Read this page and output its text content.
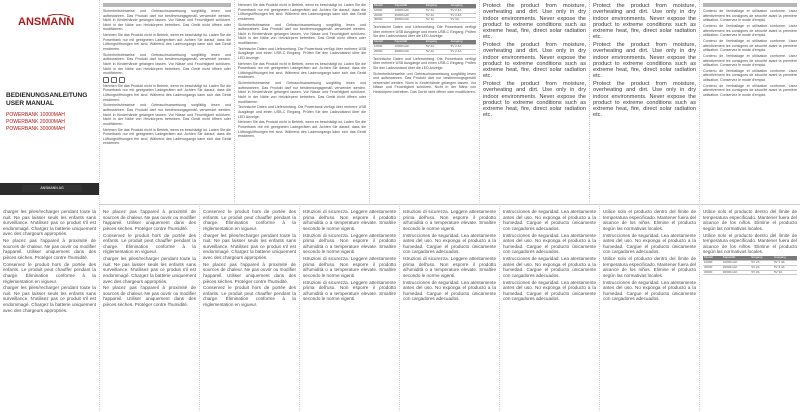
ANSMANN
BEDIENUNGSANLEITUNG
USER MANUAL
POWERBANK 10000MAH
POWERBANK 20000MAH
POWERBANK 30000MAH
ANSMANN AG

Sicherheitshinweise und Gebrauchsanweisung sorgfältig lesen und aufbewahren. Das Produkt darf nur bestimmungsgemäß verwendet werden. Nicht in Kinderhände gelangen lassen. Vor Nässe und Feuchtigkeit schützen. Nicht in der Nähe von Heizkörpern betreiben. Das Gerät nicht öffnen oder modifizieren.

Nehmen Sie das Produkt nicht in Betrieb, wenn es beschädigt ist. Laden Sie die Powerbank nur mit geeigneten Ladegeräten auf. Achten Sie darauf, dass die Lüftungsöffnungen frei sind. Während des Ladevorgangs kann sich das Gerät erwärmen.

Sicherheitshinweise und Gebrauchsanweisung sorgfältig lesen und aufbewahren. Das Produkt darf nur bestimmungsgemäß verwendet werden. Nicht in Kinderhände gelangen lassen. Vor Nässe und Feuchtigkeit schützen. Nicht in der Nähe von Heizkörpern betreiben. Das Gerät nicht öffnen oder modifizieren.

Nehmen Sie das Produkt nicht in Betrieb, wenn es beschädigt ist. Laden Sie die Powerbank nur mit geeigneten Ladegeräten auf. Achten Sie darauf, dass die Lüftungsöffnungen frei sind. Während des Ladevorgangs kann sich das Gerät erwärmen.

Sicherheitshinweise und Gebrauchsanweisung sorgfältig lesen und aufbewahren. Das Produkt darf nur bestimmungsgemäß verwendet werden. Nicht in Kinderhände gelangen lassen. Vor Nässe und Feuchtigkeit schützen. Nicht in der Nähe von Heizkörpern betreiben. Das Gerät nicht öffnen oder modifizieren.

Nehmen Sie das Produkt nicht in Betrieb, wenn es beschädigt ist. Laden Sie die Powerbank nur mit geeigneten Ladegeräten auf. Achten Sie darauf, dass die Lüftungsöffnungen frei sind. Während des Ladevorgangs kann sich das Gerät erwärmen.

Nehmen Sie das Produkt nicht in Betrieb, wenn es beschädigt ist. Laden Sie die Powerbank nur mit geeigneten Ladegeräten auf. Achten Sie darauf, dass die Lüftungsöffnungen frei sind. Während des Ladevorgangs kann sich das Gerät erwärmen.

Sicherheitshinweise und Gebrauchsanweisung sorgfältig lesen und aufbewahren. Das Produkt darf nur bestimmungsgemäß verwendet werden. Nicht in Kinderhände gelangen lassen. Vor Nässe und Feuchtigkeit schützen. Nicht in der Nähe von Heizkörpern betreiben. Das Gerät nicht öffnen oder modifizieren.

Technische Daten und Lieferumfang. Die Powerbank verfügt über mehrere USB Ausgänge und einen USB-C Eingang. Prüfen Sie den Ladezustand über die LED Anzeige.

Nehmen Sie das Produkt nicht in Betrieb, wenn es beschädigt ist. Laden Sie die Powerbank nur mit geeigneten Ladegeräten auf. Achten Sie darauf, dass die Lüftungsöffnungen frei sind. Während des Ladevorgangs kann sich das Gerät erwärmen.

Sicherheitshinweise und Gebrauchsanweisung sorgfältig lesen und aufbewahren. Das Produkt darf nur bestimmungsgemäß verwendet werden. Nicht in Kinderhände gelangen lassen. Vor Nässe und Feuchtigkeit schützen. Nicht in der Nähe von Heizkörpern betreiben. Das Gerät nicht öffnen oder modifizieren.

Technische Daten und Lieferumfang. Die Powerbank verfügt über mehrere USB Ausgänge und einen USB-C Eingang. Prüfen Sie den Ladezustand über die LED Anzeige.

Nehmen Sie das Produkt nicht in Betrieb, wenn es beschädigt ist. Laden Sie die Powerbank nur mit geeigneten Ladegeräten auf. Achten Sie darauf, dass die Lüftungsöffnungen frei sind. Während des Ladevorgangs kann sich das Gerät erwärmen.

Modell	Kapazität	Eingang	Ausgang
10000	10000mAh	5V 2A	5V 2.4A
20000	20000mAh	5V 2A	5V 2.4A
30000	30000mAh	5V 3A	5V 3A

Technische Daten und Lieferumfang. Die Powerbank verfügt über mehrere USB Ausgänge und einen USB-C Eingang. Prüfen Sie den Ladezustand über die LED Anzeige.

Modell	Kapazität	Eingang	Ausgang
10000	10000mAh	5V 2A	5V 2.4A
20000	20000mAh	5V 2A	5V 2.4A

Technische Daten und Lieferumfang. Die Powerbank verfügt über mehrere USB Ausgänge und einen USB-C Eingang. Prüfen Sie den Ladezustand über die LED Anzeige.

Sicherheitshinweise und Gebrauchsanweisung sorgfältig lesen und aufbewahren. Das Produkt darf nur bestimmungsgemäß verwendet werden. Nicht in Kinderhände gelangen lassen. Vor Nässe und Feuchtigkeit schützen. Nicht in der Nähe von Heizkörpern betreiben. Das Gerät nicht öffnen oder modifizieren.

Protect the product from moisture, overheating and dirt. Use only in dry indoor environments. Never expose the product to extreme conditions such as extreme heat, fire, direct solar radiation etc.

Protect the product from moisture, overheating and dirt. Use only in dry indoor environments. Never expose the product to extreme conditions such as extreme heat, fire, direct solar radiation etc.

Protect the product from moisture, overheating and dirt. Use only in dry indoor environments. Never expose the product to extreme conditions such as extreme heat, fire, direct solar radiation etc.

Protect the product from moisture, overheating and dirt. Use only in dry indoor environments. Never expose the product to extreme conditions such as extreme heat, fire, direct solar radiation etc.

Protect the product from moisture, overheating and dirt. Use only in dry indoor environments. Never expose the product to extreme conditions such as extreme heat, fire, direct solar radiation etc.

Protect the product from moisture, overheating and dirt. Use only in dry indoor environments. Never expose the product to extreme conditions such as extreme heat, fire, direct solar radiation etc.

Contenu de l'emballage et utilisation conforme. Lisez attentivement les consignes de sécurité avant la première utilisation. Conservez le mode d'emploi.

Contenu de l'emballage et utilisation conforme. Lisez attentivement les consignes de sécurité avant la première utilisation. Conservez le mode d'emploi.

Contenu de l'emballage et utilisation conforme. Lisez attentivement les consignes de sécurité avant la première utilisation. Conservez le mode d'emploi.

Contenu de l'emballage et utilisation conforme. Lisez attentivement les consignes de sécurité avant la première utilisation. Conservez le mode d'emploi.

Contenu de l'emballage et utilisation conforme. Lisez attentivement les consignes de sécurité avant la première utilisation. Conservez le mode d'emploi.

Contenu de l'emballage et utilisation conforme. Lisez attentivement les consignes de sécurité avant la première utilisation. Conservez le mode d'emploi.

charger les piles/recharger pendant toute la nuit. Ne pas laisser seuls les enfants sans surveillance. N'utilisez pas ce produit s'il est endommagé. Chargez la batterie uniquement avec des chargeurs appropriés.

Ne placez pas l'appareil à proximité de sources de chaleur. Ne pas ouvrir ou modifier l'appareil. Utiliser uniquement dans des pièces sèches. Protéger contre l'humidité.

Conservez le produit hors de portée des enfants. Le produit peut chauffer pendant la charge. Élimination conforme à la réglementation en vigueur.

charger les piles/recharger pendant toute la nuit. Ne pas laisser seuls les enfants sans surveillance. N'utilisez pas ce produit s'il est endommagé. Chargez la batterie uniquement avec des chargeurs appropriés.

Ne placez pas l'appareil à proximité de sources de chaleur. Ne pas ouvrir ou modifier l'appareil. Utiliser uniquement dans des pièces sèches. Protéger contre l'humidité.

Conservez le produit hors de portée des enfants. Le produit peut chauffer pendant la charge. Élimination conforme à la réglementation en vigueur.

charger les piles/recharger pendant toute la nuit. Ne pas laisser seuls les enfants sans surveillance. N'utilisez pas ce produit s'il est endommagé. Chargez la batterie uniquement avec des chargeurs appropriés.

Ne placez pas l'appareil à proximité de sources de chaleur. Ne pas ouvrir ou modifier l'appareil. Utiliser uniquement dans des pièces sèches. Protéger contre l'humidité.

Conservez le produit hors de portée des enfants. Le produit peut chauffer pendant la charge. Élimination conforme à la réglementation en vigueur.

charger les piles/recharger pendant toute la nuit. Ne pas laisser seuls les enfants sans surveillance. N'utilisez pas ce produit s'il est endommagé. Chargez la batterie uniquement avec des chargeurs appropriés.

Ne placez pas l'appareil à proximité de sources de chaleur. Ne pas ouvrir ou modifier l'appareil. Utiliser uniquement dans des pièces sèches. Protéger contre l'humidité.

Conservez le produit hors de portée des enfants. Le produit peut chauffer pendant la charge. Élimination conforme à la réglementation en vigueur.

Istruzioni di sicurezza. Leggere attentamente prima dell'uso. Non esporre il prodotto all'umidità o a temperature elevate. Smaltire secondo le norme vigenti.

Istruzioni di sicurezza. Leggere attentamente prima dell'uso. Non esporre il prodotto all'umidità o a temperature elevate. Smaltire secondo le norme vigenti.

Istruzioni di sicurezza. Leggere attentamente prima dell'uso. Non esporre il prodotto all'umidità o a temperature elevate. Smaltire secondo le norme vigenti.

Istruzioni di sicurezza. Leggere attentamente prima dell'uso. Non esporre il prodotto all'umidità o a temperature elevate. Smaltire secondo le norme vigenti.

Istruzioni di sicurezza. Leggere attentamente prima dell'uso. Non esporre il prodotto all'umidità o a temperature elevate. Smaltire secondo le norme vigenti.

Instrucciones de seguridad. Lea atentamente antes del uso. No exponga el producto a la humedad. Cargue el producto únicamente con cargadores adecuados.

Istruzioni di sicurezza. Leggere attentamente prima dell'uso. Non esporre il prodotto all'umidità o a temperature elevate. Smaltire secondo le norme vigenti.

Instrucciones de seguridad. Lea atentamente antes del uso. No exponga el producto a la humedad. Cargue el producto únicamente con cargadores adecuados.

Instrucciones de seguridad. Lea atentamente antes del uso. No exponga el producto a la humedad. Cargue el producto únicamente con cargadores adecuados.

Instrucciones de seguridad. Lea atentamente antes del uso. No exponga el producto a la humedad. Cargue el producto únicamente con cargadores adecuados.

Instrucciones de seguridad. Lea atentamente antes del uso. No exponga el producto a la humedad. Cargue el producto únicamente con cargadores adecuados.

Instrucciones de seguridad. Lea atentamente antes del uso. No exponga el producto a la humedad. Cargue el producto únicamente con cargadores adecuados.

Utilice solo el producto dentro del límite de temperatura especificado. Mantener fuera del alcance de los niños. Elimine el producto según las normativas locales.

Instrucciones de seguridad. Lea atentamente antes del uso. No exponga el producto a la humedad. Cargue el producto únicamente con cargadores adecuados.

Utilice solo el producto dentro del límite de temperatura especificado. Mantener fuera del alcance de los niños. Elimine el producto según las normativas locales.

Instrucciones de seguridad. Lea atentamente antes del uso. No exponga el producto a la humedad. Cargue el producto únicamente con cargadores adecuados.

Utilice solo el producto dentro del límite de temperatura especificado. Mantener fuera del alcance de los niños. Elimine el producto según las normativas locales.

Utilice solo el producto dentro del límite de temperatura especificado. Mantener fuera del alcance de los niños. Elimine el producto según las normativas locales.

Modell	Kapazität	Eingang	Ausgang
10000	10000mAh	5V 2A	5V 2.4A
20000	20000mAh	5V 2A	5V 2.4A
30000	30000mAh	5V 3A	5V 3A
